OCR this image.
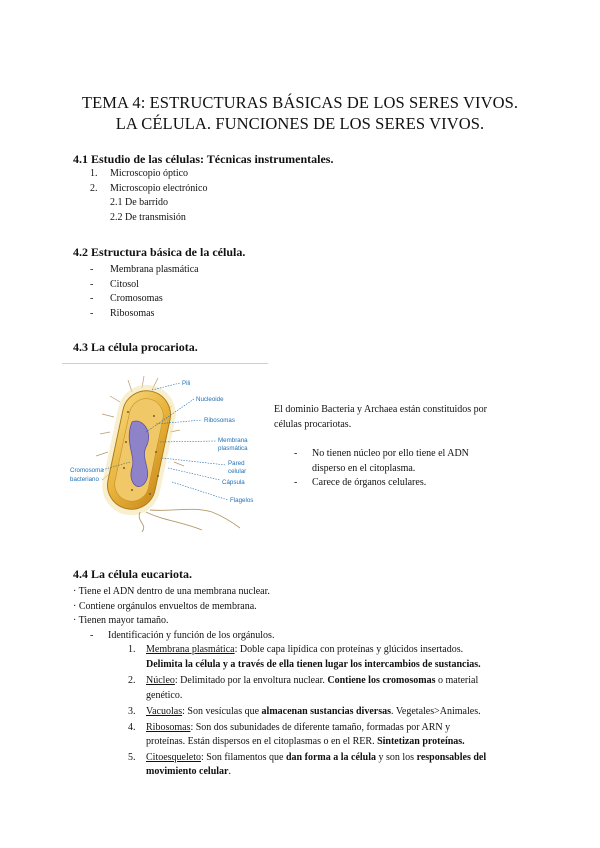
TEMA 4: ESTRUCTURAS BÁSICAS DE LOS SERES VIVOS.
LA CÉLULA. FUNCIONES DE LOS SERES VIVOS.
4.1 Estudio de las células: Técnicas instrumentales.
1. Microscopio óptico
2. Microscopio electrónico
2.1 De barrido
2.2 De transmisión
4.2 Estructura básica de la célula.
- Membrana plasmática
- Citosol
- Cromosomas
- Ribosomas
4.3 La célula procariota.
Pili
Nucleoide
Ribosomas
Membrana
plasmática
Pared
celular
Cápsula
Flagelos
Cromosoma
bacteriano
El dominio Bacteria y Archaea están constituidos por
células procariotas.
- No tienen núcleo por ello tiene el ADN
disperso en el citoplasma.
- Carece de órganos celulares.
4.4 La célula eucariota.
· Tiene el ADN dentro de una membrana nuclear.
· Contiene orgánulos envueltos de membrana.
· Tienen mayor tamaño.
- Identificación y función de los orgánulos.
1. Membrana plasmática: Doble capa lipídica con proteínas y glúcidos insertados.
Delimita la célula y a través de ella tienen lugar los intercambios de sustancias.
2. Núcleo: Delimitado por la envoltura nuclear. Contiene los cromosomas o material
genético.
3. Vacuolas: Son vesículas que almacenan sustancias diversas. Vegetales>Animales.
4. Ribosomas: Son dos subunidades de diferente tamaño, formadas por ARN y
proteínas. Están dispersos en el citoplasmas o en el RER. Sintetizan proteínas.
5. Citoesqueleto: Son filamentos que dan forma a la célula y son los responsables del
movimiento celular.
